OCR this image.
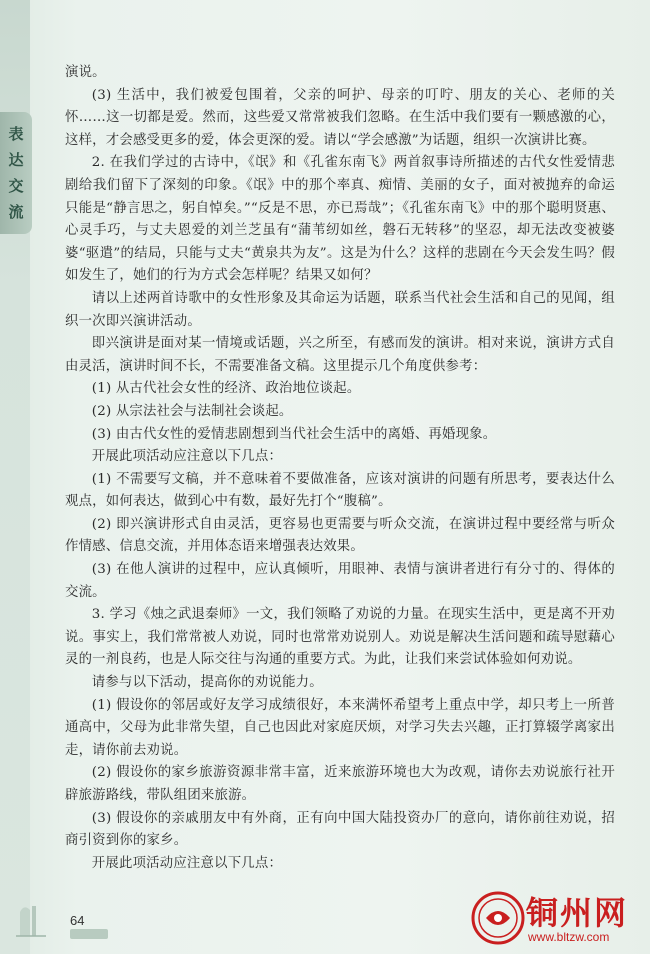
表
达
交
流

演说。

(3) 生活中，我们被爱包围着，父亲的呵护、母亲的叮咛、朋友的关心、老师的关怀……这一切都是爱。然而，这些爱又常常被我们忽略。在生活中我们要有一颗感激的心，这样，才会感受更多的爱，体会更深的爱。请以“学会感激”为话题，组织一次演讲比赛。

2. 在我们学过的古诗中，《氓》和《孔雀东南飞》两首叙事诗所描述的古代女性爱情悲剧给我们留下了深刻的印象。《氓》中的那个率真、痴情、美丽的女子，面对被抛弃的命运只能是“静言思之，躬自悼矣。”“反是不思，亦已焉哉”；《孔雀东南飞》中的那个聪明贤惠、心灵手巧，与丈夫恩爱的刘兰芝虽有“蒲苇纫如丝，磐石无转移”的坚忍，却无法改变被婆婆“驱遣”的结局，只能与丈夫“黄泉共为友”。这是为什么？这样的悲剧在今天会发生吗？假如发生了，她们的行为方式会怎样呢？结果又如何？

请以上述两首诗歌中的女性形象及其命运为话题，联系当代社会生活和自己的见闻，组织一次即兴演讲活动。

即兴演讲是面对某一情境或话题，兴之所至，有感而发的演讲。相对来说，演讲方式自由灵活，演讲时间不长，不需要准备文稿。这里提示几个角度供参考：

(1) 从古代社会女性的经济、政治地位谈起。

(2) 从宗法社会与法制社会谈起。

(3) 由古代女性的爱情悲剧想到当代社会生活中的离婚、再婚现象。

开展此项活动应注意以下几点：

(1) 不需要写文稿，并不意味着不要做准备，应该对演讲的问题有所思考，要表达什么观点，如何表达，做到心中有数，最好先打个“腹稿”。

(2) 即兴演讲形式自由灵活，更容易也更需要与听众交流，在演讲过程中要经常与听众作情感、信息交流，并用体态语来增强表达效果。

(3) 在他人演讲的过程中，应认真倾听，用眼神、表情与演讲者进行有分寸的、得体的交流。

3. 学习《烛之武退秦师》一文，我们领略了劝说的力量。在现实生活中，更是离不开劝说。事实上，我们常常被人劝说，同时也常常劝说别人。劝说是解决生活问题和疏导慰藉心灵的一剂良药，也是人际交往与沟通的重要方式。为此，让我们来尝试体验如何劝说。

请参与以下活动，提高你的劝说能力。

(1) 假设你的邻居或好友学习成绩很好，本来满怀希望考上重点中学，却只考上一所普通高中，父母为此非常失望，自己也因此对家庭厌烦，对学习失去兴趣，正打算辍学离家出走，请你前去劝说。

(2) 假设你的家乡旅游资源非常丰富，近来旅游环境也大为改观，请你去劝说旅行社开辟旅游路线，带队组团来旅游。

(3) 假设你的亲戚朋友中有外商，正有向中国大陆投资办厂的意向，请你前往劝说，招商引资到你的家乡。

开展此项活动应注意以下几点：

64	铜州网
www.bltzw.com
